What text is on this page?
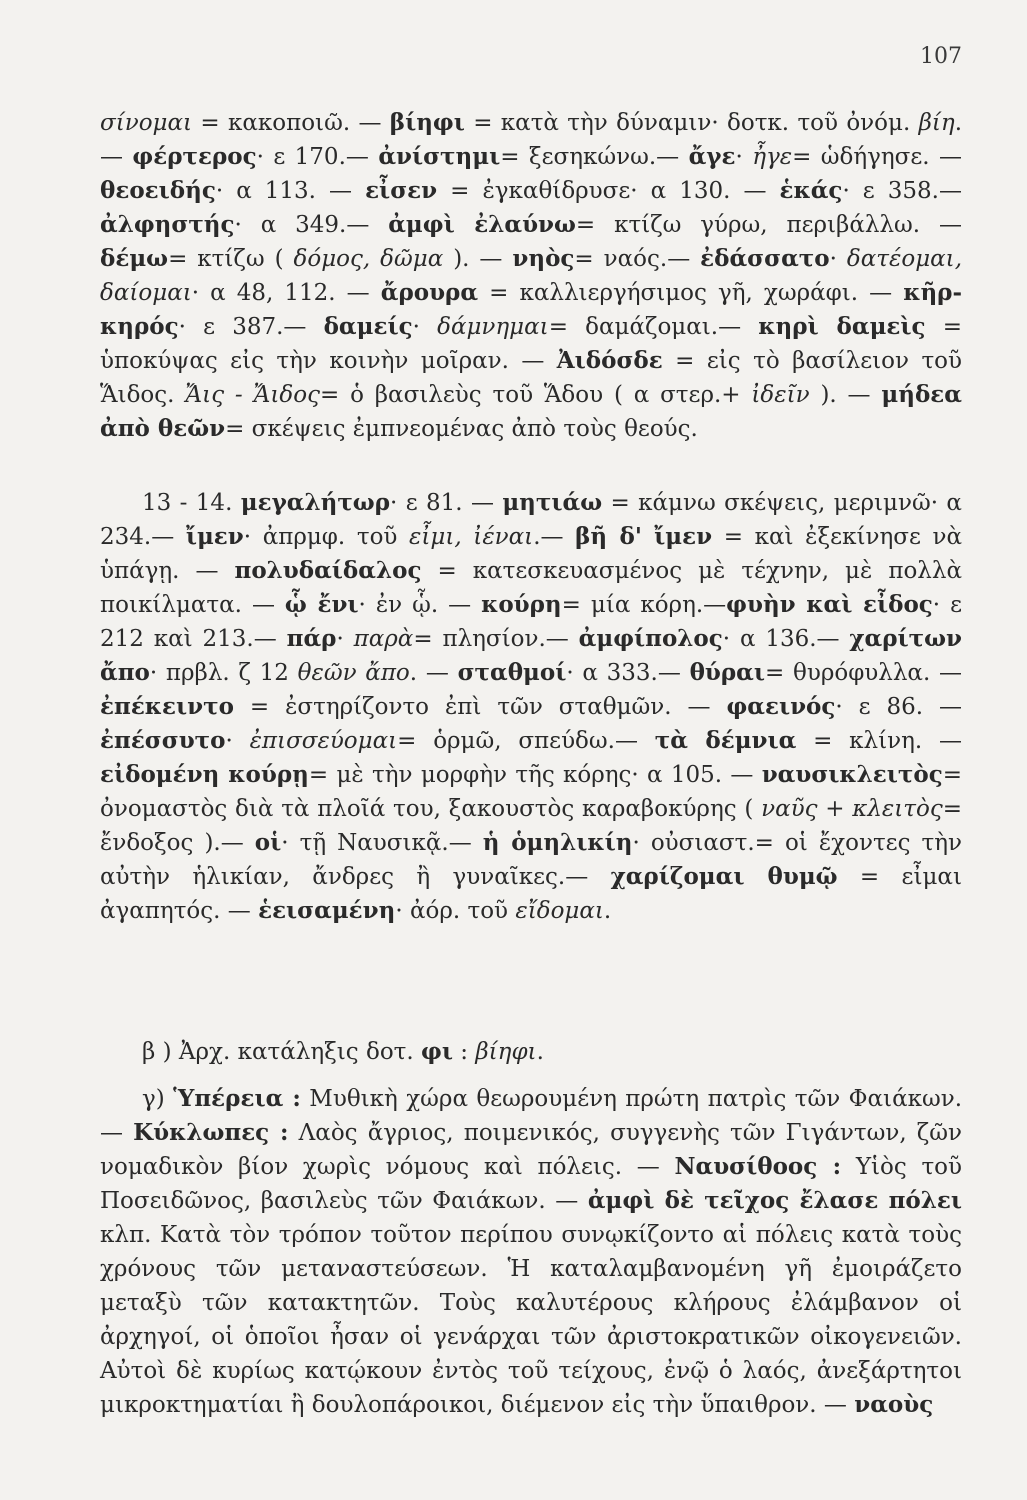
107

σίνομαι = κακοποιῶ. — βίηφι = κατὰ τὴν δύναμιν· δοτκ. τοῦ ὀνόμ. βίη. — φέρτερος· ε 170.— ἀνίστημι= ξεσηκώνω.— ἄγε· ἦγε= ὡδήγησε. — θεοειδής· α 113. — εἶσεν = ἐγκαθίδρυσε· α 130. — ἑκάς· ε 358.— ἀλφηστής· α 349.— ἀμφὶ ἐλαύνω= κτίζω γύρω, περιβάλλω. — δέμω= κτίζω ( δόμος, δῶμα ). — νηὸς= ναός.— ἐδάσσατο· δατέομαι, δαίομαι· α 48, 112. — ἄρουρα = καλλιεργήσιμος γῆ, χωράφι. — κῆρ-κηρός· ε 387.— δαμείς· δάμνημαι= δαμάζομαι.— κηρὶ δαμεὶς = ὑποκύψας εἰς τὴν κοινὴν μοῖραν. — Ἀιδόσδε = εἰς τὸ βασίλειον τοῦ Ἅιδος. Ἄις - Ἄιδος= ὁ βασιλεὺς τοῦ Ἅδου ( α στερ.+ ἰδεῖν ). — μήδεα ἀπὸ θεῶν= σκέψεις ἐμπνεομένας ἀπὸ τοὺς θεούς.

13 - 14. μεγαλήτωρ· ε 81. — μητιάω = κάμνω σκέψεις, μεριμνῶ· α 234.— ἴμεν· ἀπρμφ. τοῦ εἶμι, ἰέναι.— βῆ δ' ἴμεν = καὶ ἐξεκίνησε νὰ ὑπάγῃ. — πολυδαίδαλος = κατεσκευασμένος μὲ τέχνην, μὲ πολλὰ ποικίλματα. — ᾧ ἔνι· ἐν ᾧ. — κούρη= μία κόρη.—φυὴν καὶ εἶδος· ε 212 καὶ 213.— πάρ· παρὰ= πλησίον.— ἀμφίπολος· α 136.— χαρίτων ἄπο· πρβλ. ζ 12 θεῶν ἄπο. — σταθμοί· α 333.— θύραι= θυρόφυλλα. — ἐπέκειντο = ἐστηρίζοντο ἐπὶ τῶν σταθμῶν. — φαεινός· ε 86. — ἐπέσσυτο· ἐπισσεύομαι= ὁρμῶ, σπεύδω.— τὰ δέμνια = κλίνη. — εἰδομένη κούρῃ= μὲ τὴν μορφὴν τῆς κόρης· α 105. — ναυσικλειτὸς= ὀνομαστὸς διὰ τὰ πλοῖά του, ξακουστὸς καραβοκύρης ( ναῦς + κλειτὸς= ἔνδοξος ).— οἱ· τῇ Ναυσικᾷ.— ἡ ὁμηλικίη· οὐσιαστ.= οἱ ἔχοντες τὴν αὐτὴν ἡλικίαν, ἄνδρες ἢ γυναῖκες.— χαρίζομαι θυμῷ = εἶμαι ἀγαπητός. — ἑεισαμένη· ἀόρ. τοῦ εἴδομαι.

β ) Ἀρχ. κατάληξις δοτ. φι : βίηφι.

γ) Ὑπέρεια : Μυθικὴ χώρα θεωρουμένη πρώτη πατρὶς τῶν Φαιάκων.— Κύκλωπες : Λαὸς ἄγριος, ποιμενικός, συγγενὴς τῶν Γιγάντων, ζῶν νομαδικὸν βίον χωρὶς νόμους καὶ πόλεις. — Ναυσίθοος : Υἱὸς τοῦ Ποσειδῶνος, βασιλεὺς τῶν Φαιάκων. — ἀμφὶ δὲ τεῖχος ἔλασε πόλει κλπ. Κατὰ τὸν τρόπον τοῦτον περίπου συνῳκίζοντο αἱ πόλεις κατὰ τοὺς χρόνους τῶν μεταναστεύσεων. Ἡ καταλαμβανομένη γῆ ἐμοιράζετο μεταξὺ τῶν κατακτητῶν. Τοὺς καλυτέρους κλήρους ἐλάμβανον οἱ ἀρχηγοί, οἱ ὁποῖοι ἦσαν οἱ γενάρχαι τῶν ἀριστοκρατικῶν οἰκογενειῶν. Αὐτοὶ δὲ κυρίως κατῴκουν ἐντὸς τοῦ τείχους, ἐνῷ ὁ λαός, ἀνεξάρτητοι μικροκτηματίαι ἢ δουλοπάροικοι, διέμενον εἰς τὴν ὕπαιθρον. — ναοὺς
